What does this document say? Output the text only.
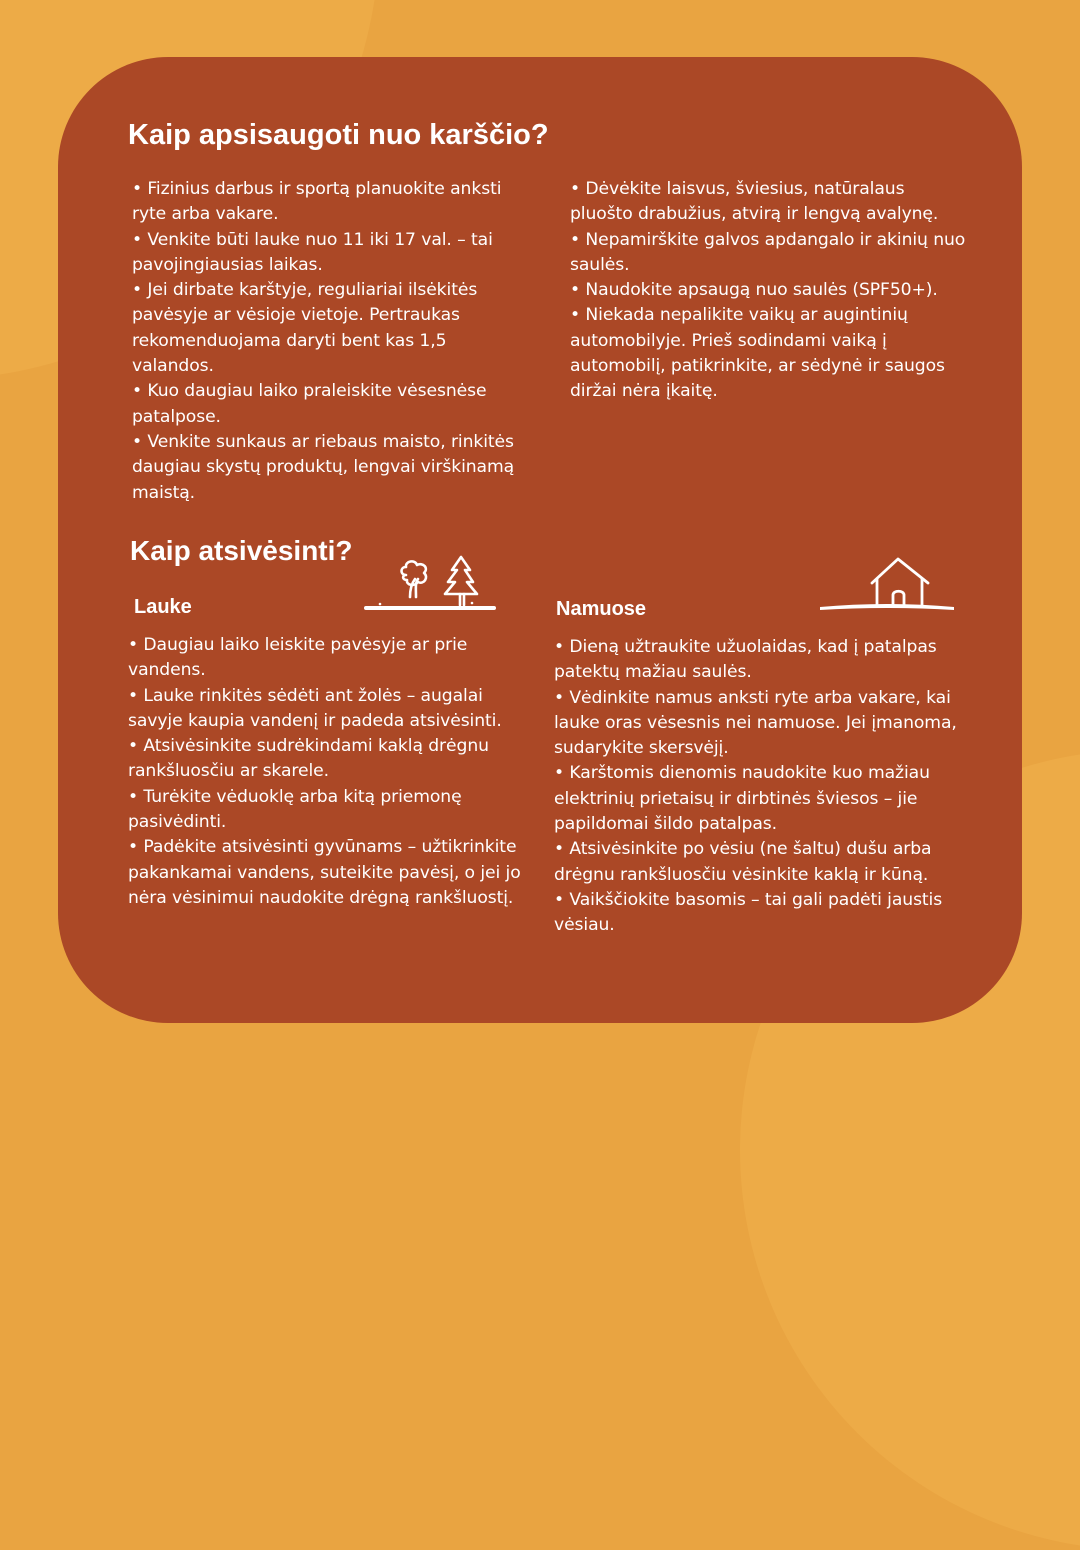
Kaip apsisaugoti nuo karščio?
• Fizinius darbus ir sportą planuokite anksti ryte arba vakare.
• Venkite būti lauke nuo 11 iki 17 val. – tai pavojingiausias laikas.
• Jei dirbate karštyje, reguliariai ilsėkitės pavėsyje ar vėsioje vietoje. Pertraukas rekomenduojama daryti bent kas 1,5 valandos.
• Kuo daugiau laiko praleiskite vėsesnėse patalpose.
• Venkite sunkaus ar riebaus maisto, rinkitės daugiau skystų produktų, lengvai virškinamą maistą.
• Dėvėkite laisvus, šviesius, natūralaus pluošto drabužius, atvirą ir lengvą avalynę.
• Nepamirškite galvos apdangalo ir akinių nuo saulės.
• Naudokite apsaugą nuo saulės (SPF50+).
• Niekada nepalikite vaikų ar augintinių automobilyje. Prieš sodindami vaiką į automobilį, patikrinkite, ar sėdynė ir saugos diržai nėra įkaitę.
Kaip atsivėsinti?
Lauke	Namuose
• Daugiau laiko leiskite pavėsyje ar prie vandens.
• Lauke rinkitės sėdėti ant žolės – augalai savyje kaupia vandenį ir padeda atsivėsinti.
• Atsivėsinkite sudrėkindami kaklą drėgnu rankšluosčiu ar skarele.
• Turėkite vėduoklę arba kitą priemonę pasivėdinti.
• Padėkite atsivėsinti gyvūnams – užtikrinkite pakankamai vandens, suteikite pavėsį, o jei jo nėra vėsinimui naudokite drėgną rankšluostį.
• Dieną užtraukite užuolaidas, kad į patalpas patektų mažiau saulės.
• Vėdinkite namus anksti ryte arba vakare, kai lauke oras vėsesnis nei namuose. Jei įmanoma, sudarykite skersvėjį.
• Karštomis dienomis naudokite kuo mažiau elektrinių prietaisų ir dirbtinės šviesos – jie papildomai šildo patalpas.
• Atsivėsinkite po vėsiu (ne šaltu) dušu arba drėgnu rankšluosčiu vėsinkite kaklą ir kūną.
• Vaikščiokite basomis – tai gali padėti jaustis vėsiau.
